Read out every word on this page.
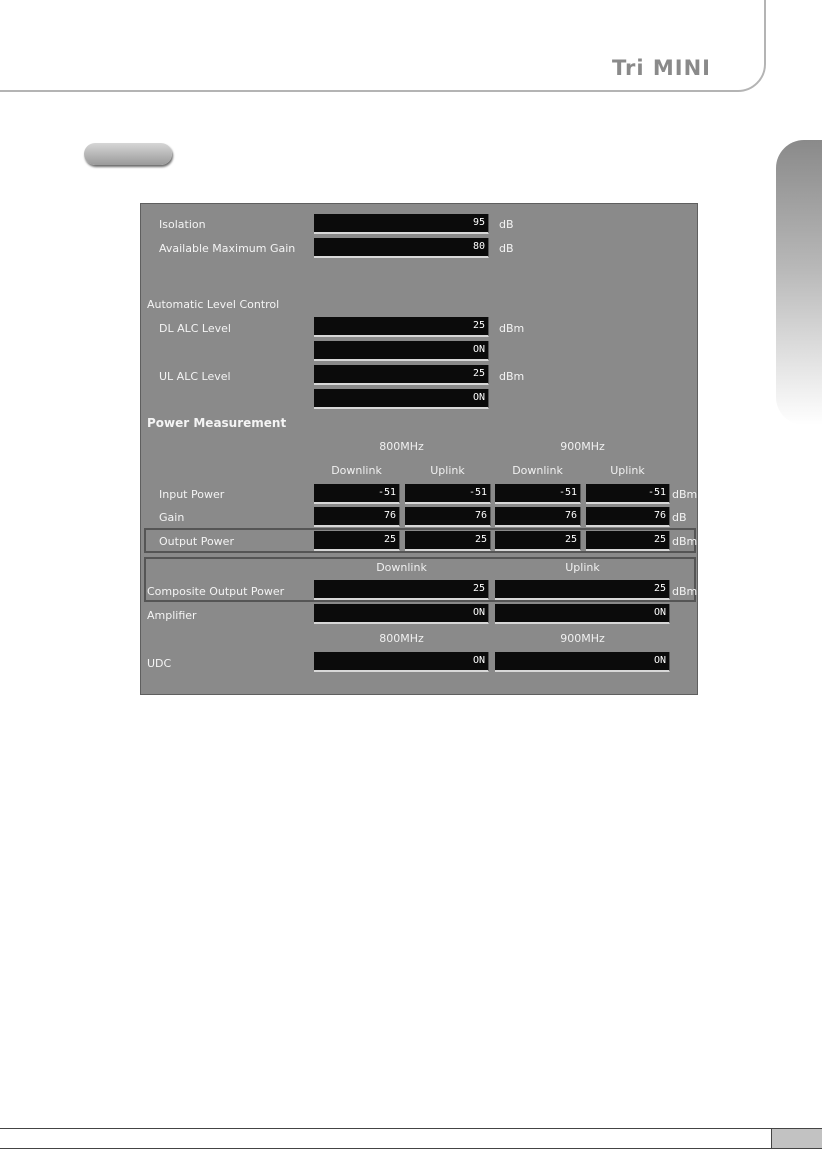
Tri MINI
Isolation	95	dB
Available Maximum Gain	80	dB
Automatic Level Control
DL ALC Level	25	dBm
ON
UL ALC Level	25	dBm
ON
Power Measurement
800MHz	900MHz
Downlink	Uplink	Downlink	Uplink
Input Power	-51	-51	-51	-51 dBm
Gain	76	76	76	76 dB
Output Power	25	25	25	25 dBm
Downlink	Uplink
Composite Output Power	25	25 dBm
Amplifier	ON	ON
800MHz	900MHz
UDC	ON	ON
